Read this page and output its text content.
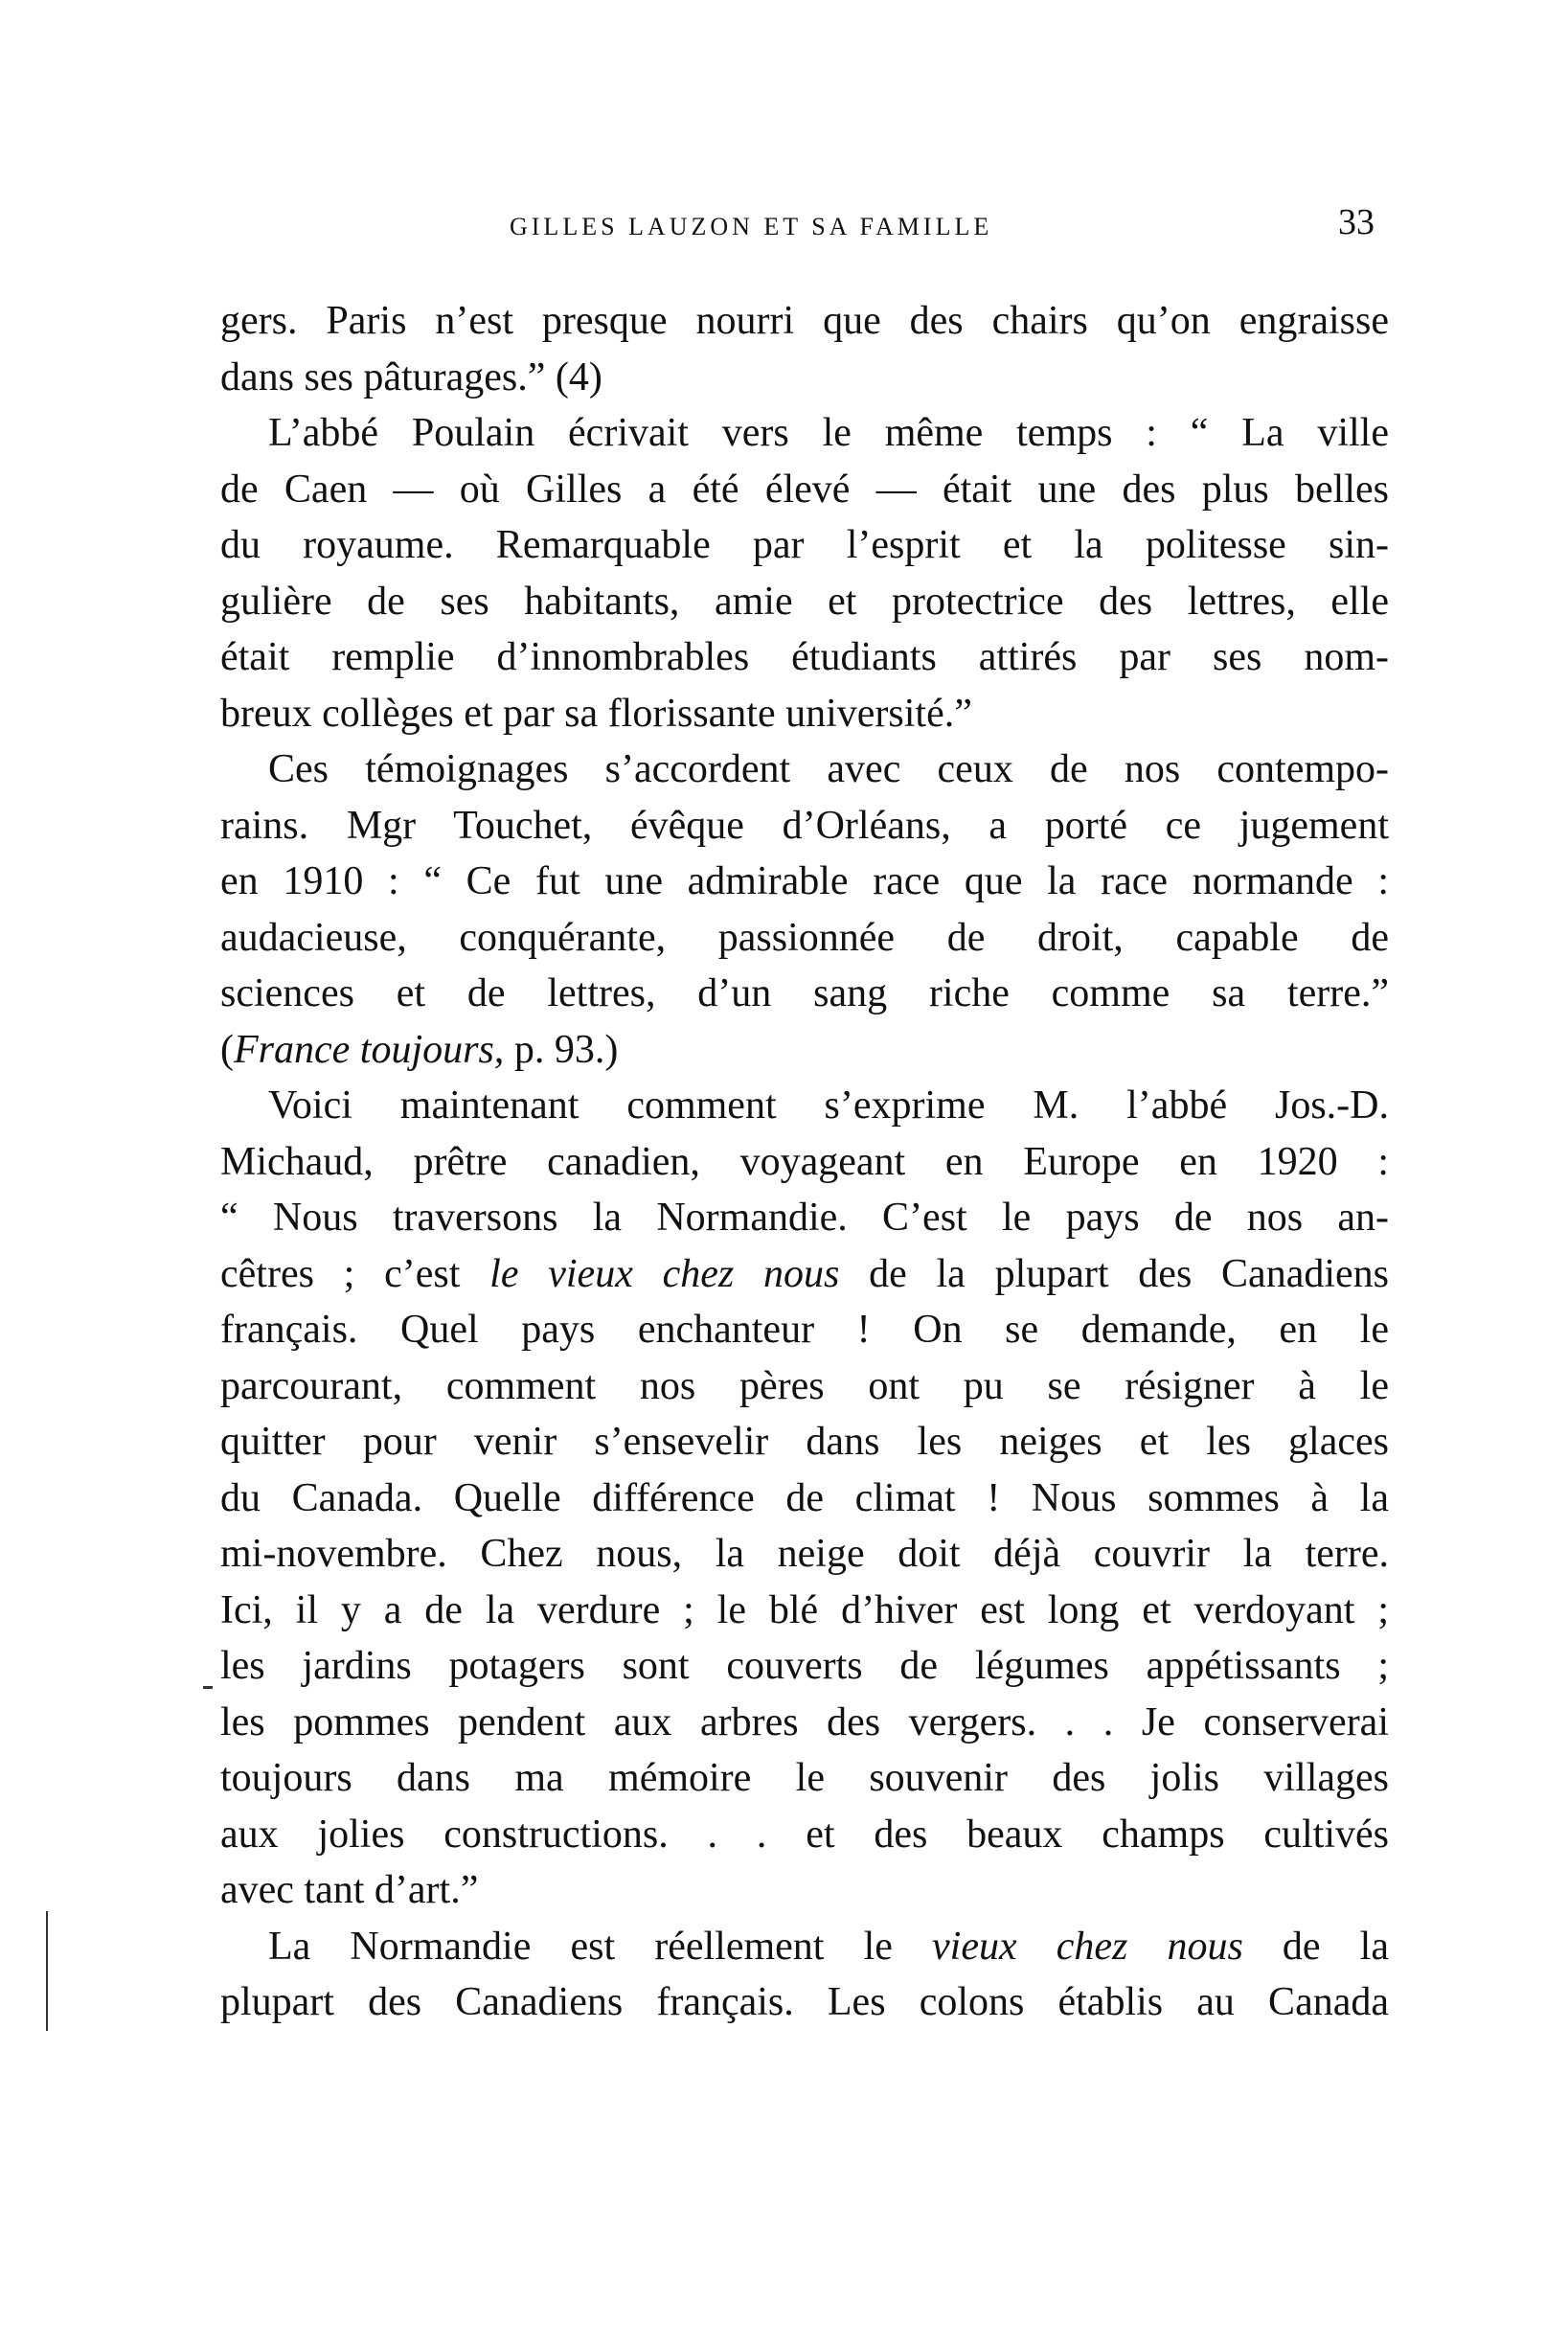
GILLES LAUZON ET SA FAMILLE	33
gers. Paris n’est presque nourri que des chairs qu’on engraisse
dans ses pâturages.” (4)
L’abbé Poulain écrivait vers le même temps : “ La ville
de Caen — où Gilles a été élevé — était une des plus belles
du royaume. Remarquable par l’esprit et la politesse sin-
gulière de ses habitants, amie et protectrice des lettres, elle
était remplie d’innombrables étudiants attirés par ses nom-
breux collèges et par sa florissante université.”
Ces témoignages s’accordent avec ceux de nos contempo-
rains. Mgr Touchet, évêque d’Orléans, a porté ce jugement
en 1910 : “ Ce fut une admirable race que la race normande :
audacieuse, conquérante, passionnée de droit, capable de
sciences et de lettres, d’un sang riche comme sa terre.”
(France toujours, p. 93.)
Voici maintenant comment s’exprime M. l’abbé Jos.-D.
Michaud, prêtre canadien, voyageant en Europe en 1920 :
“ Nous traversons la Normandie. C’est le pays de nos an-
cêtres ; c’est le vieux chez nous de la plupart des Canadiens
français. Quel pays enchanteur ! On se demande, en le
parcourant, comment nos pères ont pu se résigner à le
quitter pour venir s’ensevelir dans les neiges et les glaces
du Canada. Quelle différence de climat ! Nous sommes à la
mi-novembre. Chez nous, la neige doit déjà couvrir la terre.
Ici, il y a de la verdure ; le blé d’hiver est long et verdoyant ;
les jardins potagers sont couverts de légumes appétissants ;
les pommes pendent aux arbres des vergers. . . Je conserverai
toujours dans ma mémoire le souvenir des jolis villages
aux jolies constructions. . . et des beaux champs cultivés
avec tant d’art.”
La Normandie est réellement le vieux chez nous de la
plupart des Canadiens français. Les colons établis au Canada
